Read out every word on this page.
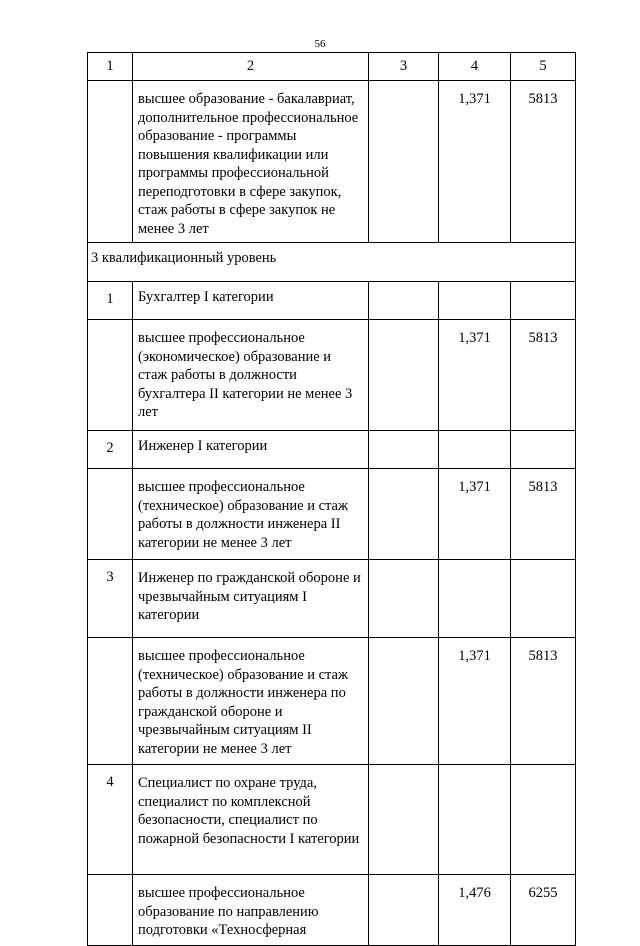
56
1	2	3	4	5
	высшее образование - бакалавриат, дополнительное профессиональное образование - программы повышения квалификации или программы профессиональной переподготовки в сфере закупок, стаж работы в сфере закупок не менее 3 лет		1,371	5813
3 квалификационный уровень				
1	Бухгалтер I категории			
	высшее профессиональное (экономическое) образование и стаж работы в должности бухгалтера II категории не менее 3 лет		1,371	5813
2	Инженер I категории			
	высшее профессиональное (техническое) образование и стаж работы в должности инженера II категории не менее 3 лет		1,371	5813
3	Инженер по гражданской обороне и чрезвычайным ситуациям I категории			
	высшее профессиональное (техническое) образование и стаж работы в должности инженера по гражданской обороне и чрезвычайным ситуациям II категории не менее 3 лет		1,371	5813
4	Специалист по охране труда, специалист по комплексной безопасности, специалист по пожарной безопасности I категории			
	высшее профессиональное образование по направлению подготовки «Техносферная		1,476	6255
